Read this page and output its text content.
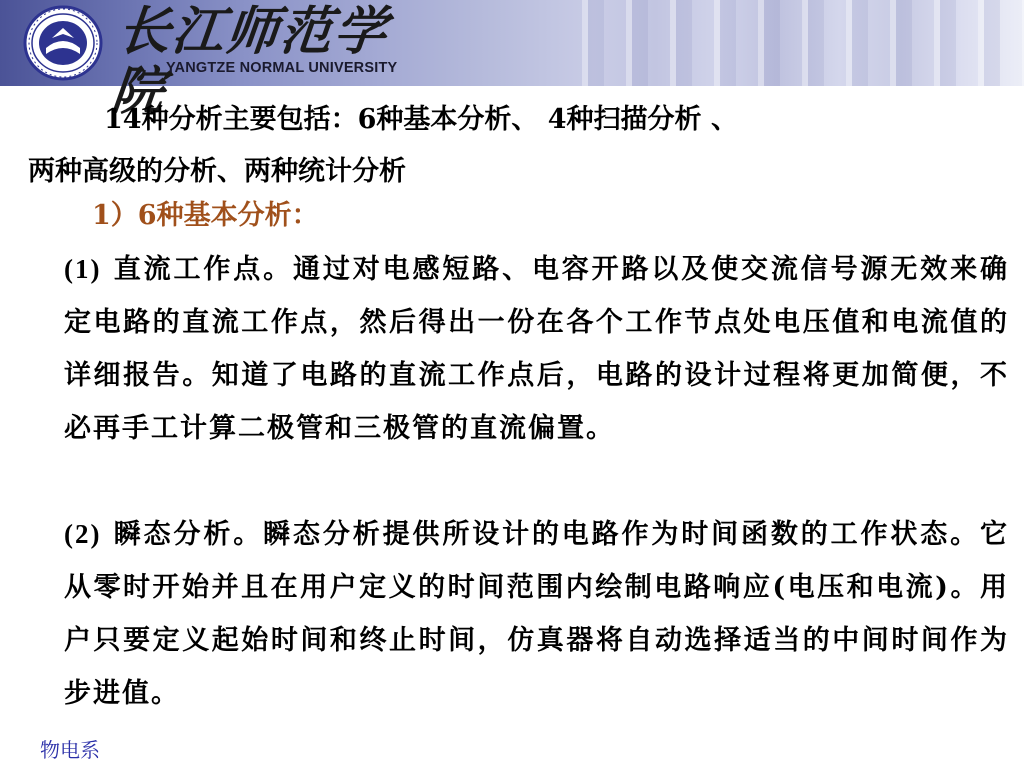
长江师范学院
YANGTZE NORMAL UNIVERSITY
14种分析主要包括：6种基本分析、 4种扫描分析 、
两种高级的分析、两种统计分析
1）6种基本分析：
(1) 直流工作点。通过对电感短路、电容开路以及使交流信号源无效来确定电路的直流工作点，然后得出一份在各个工作节点处电压值和电流值的详细报告。知道了电路的直流工作点后，电路的设计过程将更加简便，不必再手工计算二极管和三极管的直流偏置。
(2) 瞬态分析。瞬态分析提供所设计的电路作为时间函数的工作状态。它从零时开始并且在用户定义的时间范围内绘制电路响应(电压和电流)。用户只要定义起始时间和终止时间，仿真器将自动选择适当的中间时间作为步进值。
物电系
